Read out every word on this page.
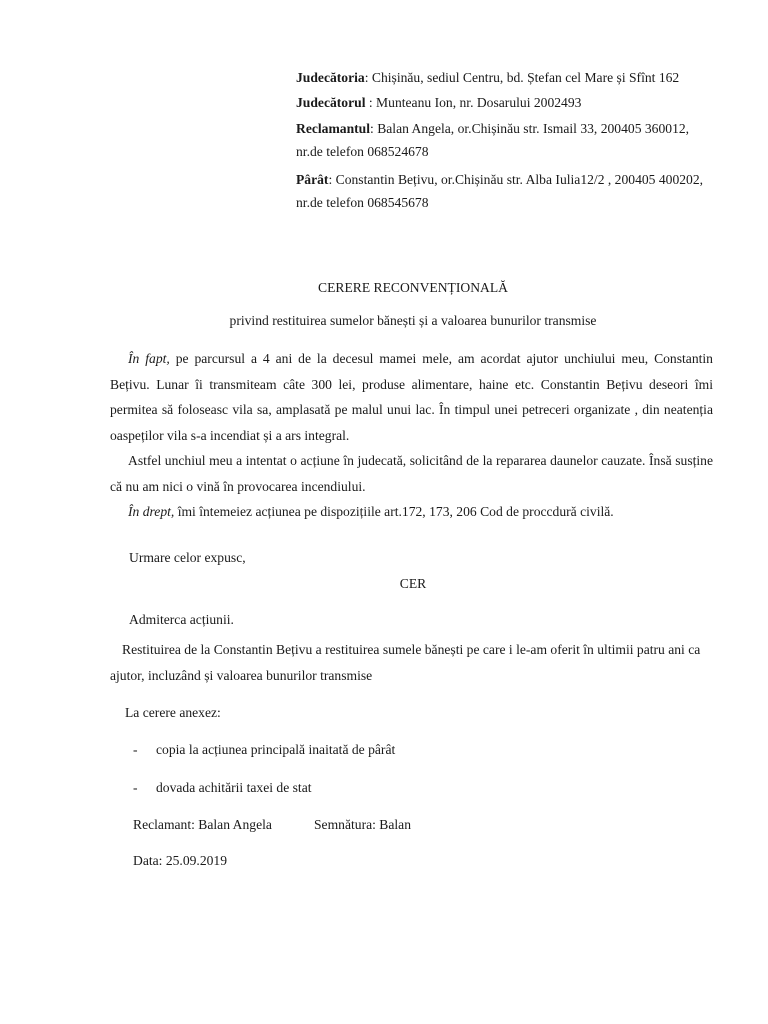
Judecătoria: Chișinău, sediul Centru, bd. Ștefan cel Mare și Sfînt 162
Judecătorul : Munteanu Ion, nr. Dosarului 2002493
Reclamantul: Balan Angela, or.Chișinău str. Ismail 33, 200405 360012, nr.de telefon 068524678
Pârât: Constantin Bețivu, or.Chișinău str. Alba Iulia12/2 , 200405 400202, nr.de telefon 068545678
CERERE RECONVENȚIONALĂ
privind restituirea sumelor bănești și a valoarea bunurilor transmise

În fapt, pe parcursul a 4 ani de la decesul mamei mele, am acordat ajutor unchiului meu, Constantin Bețivu. Lunar îi transmiteam câte 300 lei, produse alimentare, haine etc. Constantin Bețivu deseori îmi permitea să foloseasc vila sa, amplasată pe malul unui lac. În timpul unei petreceri organizate , din neatenția oaspeților vila s-a incendiat și a ars integral.

Astfel unchiul meu a intentat o acțiune în judecată, solicitând de la repararea daunelor cauzate. Însă susține că nu am nici o vină în provocarea incendiului.

În drept, îmi întemeiez acțiunea pe dispozițiile art.172, 173, 206 Cod de proccdură civilă.

Urmare celor expusc,
CER
Admiterca acțiunii.

Restituirea de la Constantin Bețivu a restituirea sumele bănești pe care i le-am oferit în ultimii patru ani ca ajutor, incluzând și valoarea bunurilor transmise

La cerere anexez:
- copia la acțiunea principală inaitată de pârât
- dovada achitării taxei de stat
Reclamant: Balan Angela	Semnătura: Balan
Data: 25.09.2019
